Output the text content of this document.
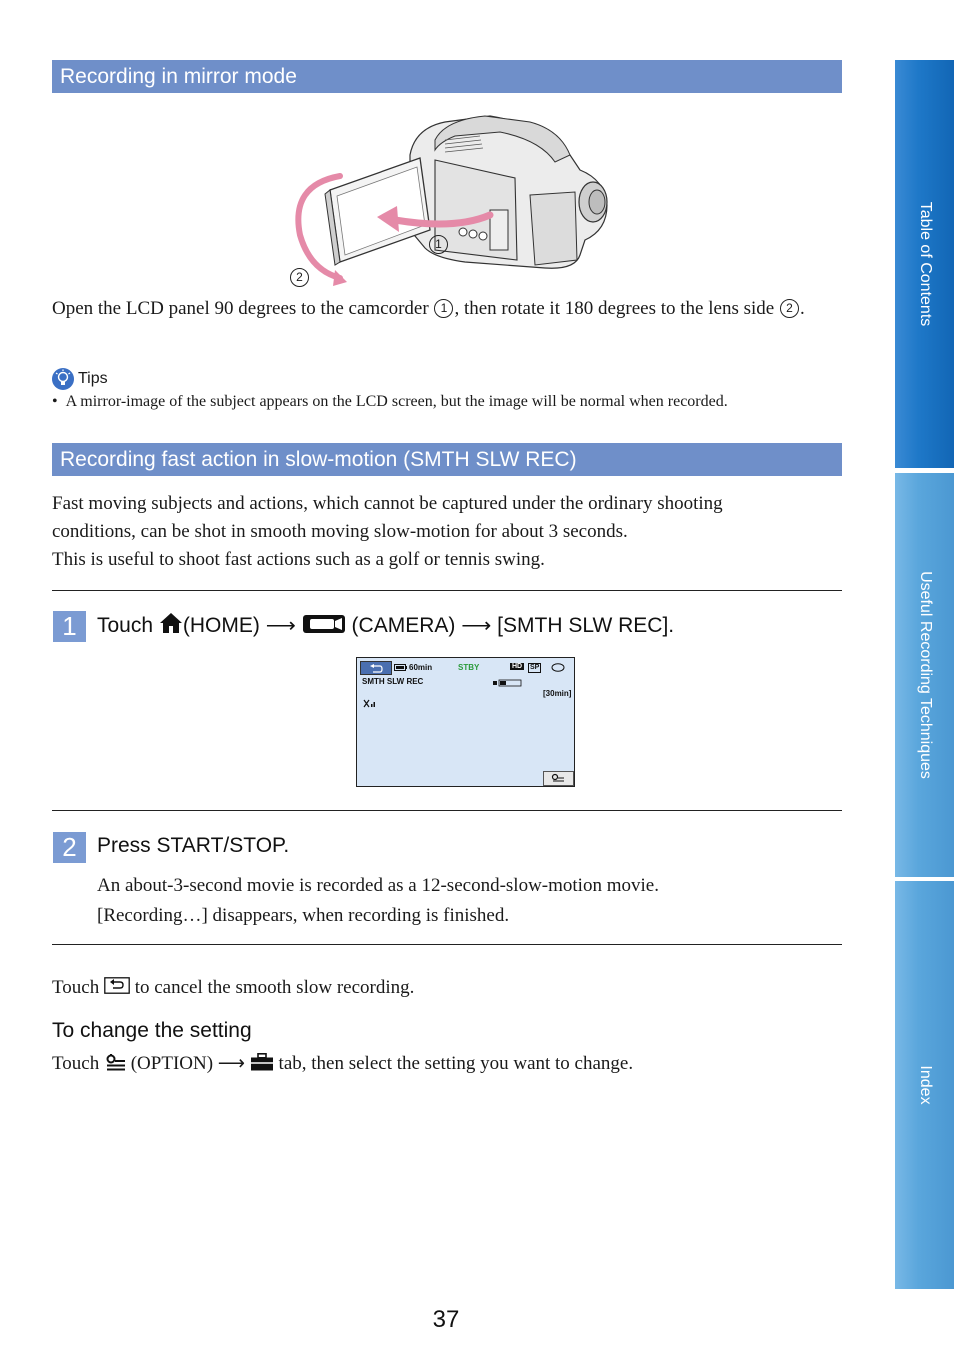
Recording in mirror mode
1
2
Open the LCD panel 90 degrees to the camcorder 1 , then rotate it 180 degrees to the lens side 2 .
Tips
•  A mirror-image of the subject appears on the LCD screen, but the image will be normal when recorded.
Recording fast action in slow-motion (SMTH SLW REC)
Fast moving subjects and actions, which cannot be captured under the ordinary shooting
conditions, can be shot in smooth moving slow-motion for about 3 seconds.
This is useful to shoot fast actions such as a golf or tennis swing.
1 Touch (HOME) ⟶	(CAMERA) ⟶ [SMTH SLW REC].
60min	STBY	HD SP
SMTH SLW REC
[30min]
2 Press START/STOP.
An about-3-second movie is recorded as a 12-second-slow-motion movie.
[Recording…] disappears, when recording is finished.
Touch to cancel the smooth slow recording.
To change the setting
Touch (OPTION) ⟶ tab, then select the setting you want to change.
Table of Contents
Useful Recording Techniques
Index
37
